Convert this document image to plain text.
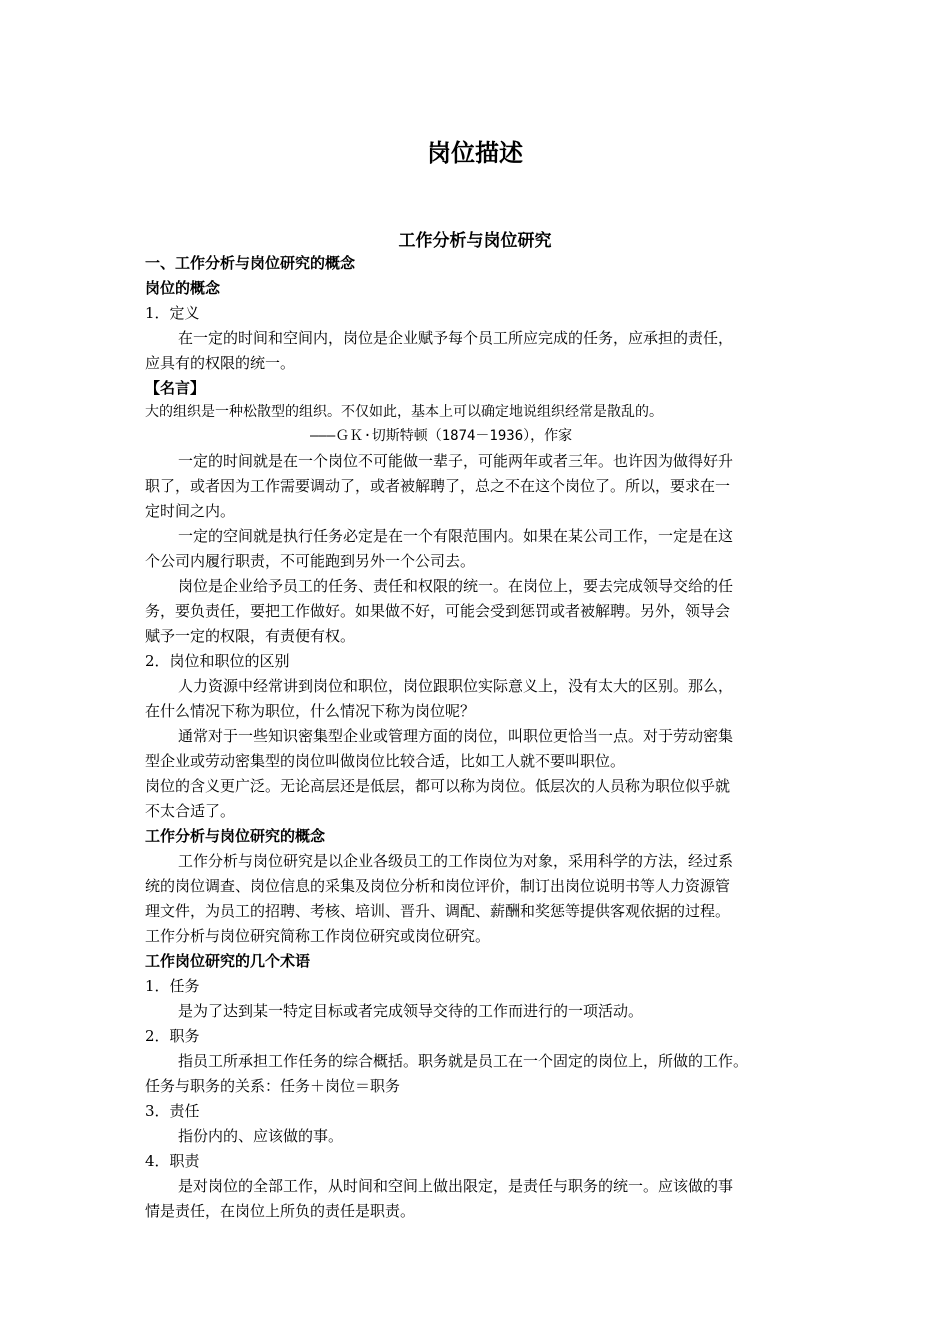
岗位描述
工作分析与岗位研究
一、工作分析与岗位研究的概念
岗位的概念
1．定义
在一定的时间和空间内，岗位是企业赋予每个员工所应完成的任务，应承担的责任，
应具有的权限的统一。
【名言】
大的组织是一种松散型的组织。不仅如此，基本上可以确定地说组织经常是散乱的。
———ＧＫ·切斯特顿（1874－1936），作家
一定的时间就是在一个岗位不可能做一辈子，可能两年或者三年。也许因为做得好升
职了，或者因为工作需要调动了，或者被解聘了，总之不在这个岗位了。所以，要求在一
定时间之内。
一定的空间就是执行任务必定是在一个有限范围内。如果在某公司工作，一定是在这
个公司内履行职责，不可能跑到另外一个公司去。
岗位是企业给予员工的任务、责任和权限的统一。在岗位上，要去完成领导交给的任
务，要负责任，要把工作做好。如果做不好，可能会受到惩罚或者被解聘。另外，领导会
赋予一定的权限，有责便有权。
2．岗位和职位的区别
人力资源中经常讲到岗位和职位，岗位跟职位实际意义上，没有太大的区别。那么，
在什么情况下称为职位，什么情况下称为岗位呢？
通常对于一些知识密集型企业或管理方面的岗位，叫职位更恰当一点。对于劳动密集
型企业或劳动密集型的岗位叫做岗位比较合适，比如工人就不要叫职位。
岗位的含义更广泛。无论高层还是低层，都可以称为岗位。低层次的人员称为职位似乎就
不太合适了。
工作分析与岗位研究的概念
工作分析与岗位研究是以企业各级员工的工作岗位为对象，采用科学的方法，经过系
统的岗位调查、岗位信息的采集及岗位分析和岗位评价，制订出岗位说明书等人力资源管
理文件，为员工的招聘、考核、培训、晋升、调配、薪酬和奖惩等提供客观依据的过程。
工作分析与岗位研究简称工作岗位研究或岗位研究。
工作岗位研究的几个术语
1．任务
是为了达到某一特定目标或者完成领导交待的工作而进行的一项活动。
2．职务
指员工所承担工作任务的综合概括。职务就是员工在一个固定的岗位上，所做的工作。
任务与职务的关系：任务＋岗位＝职务
3．责任
指份内的、应该做的事。
4．职责
是对岗位的全部工作，从时间和空间上做出限定，是责任与职务的统一。应该做的事
情是责任，在岗位上所负的责任是职责。
